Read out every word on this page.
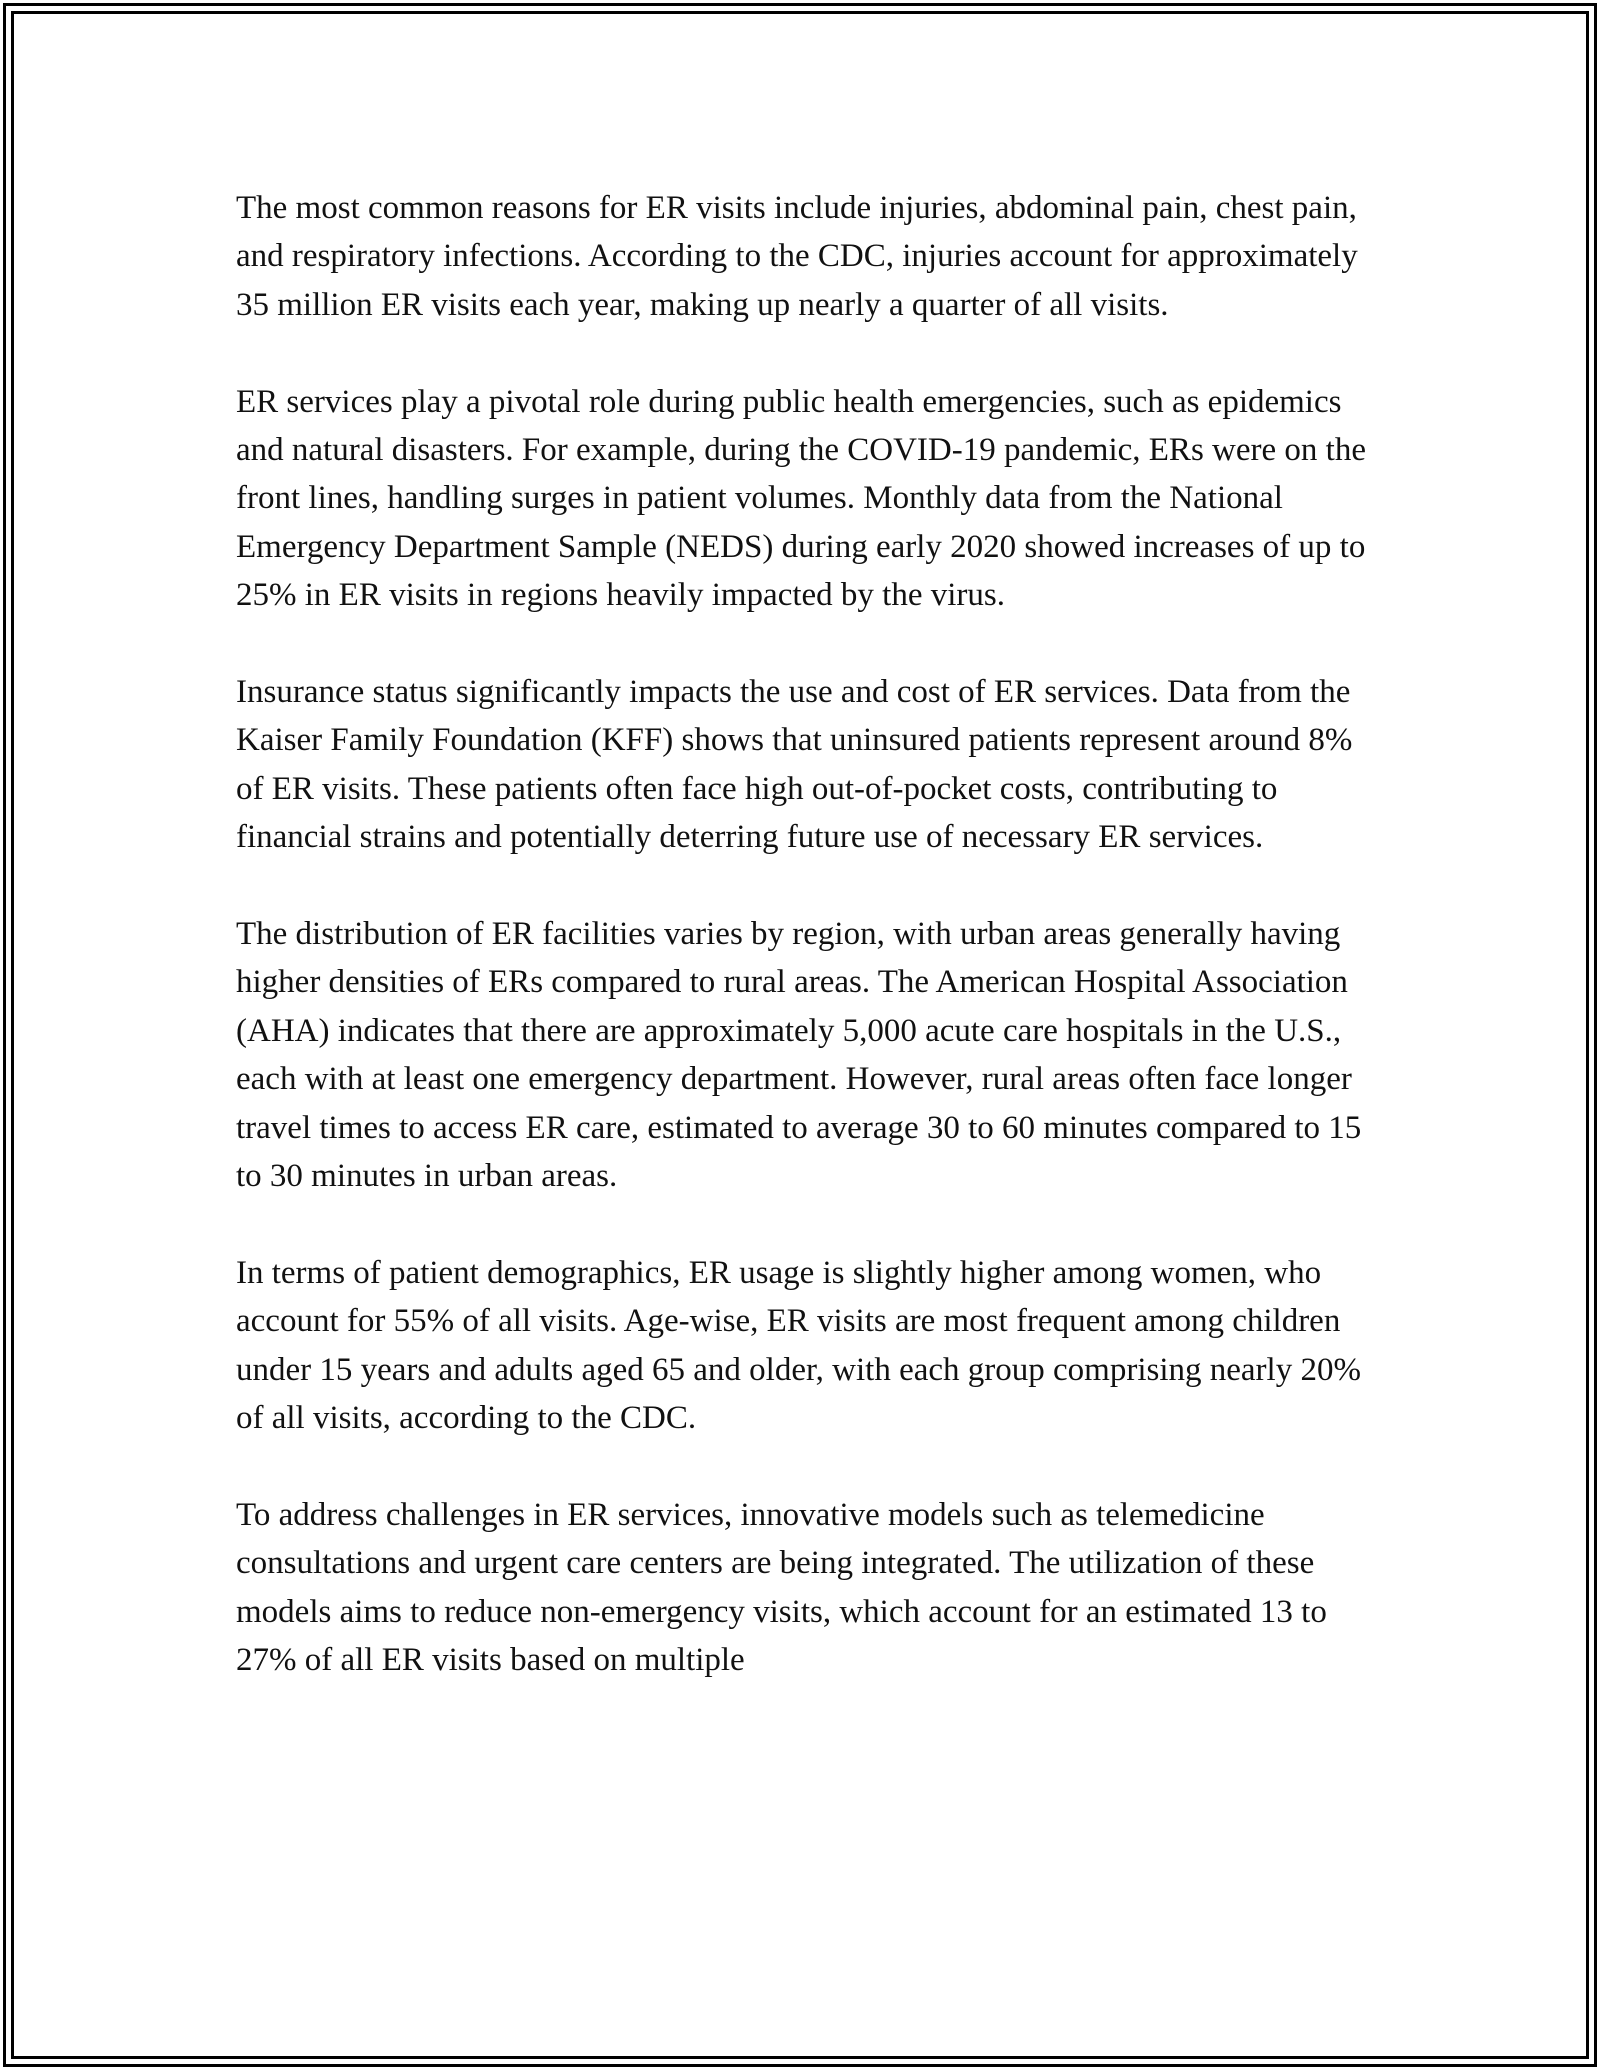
The most common reasons for ER visits include injuries, abdominal pain, chest pain, and respiratory infections. According to the CDC, injuries account for approximately 35 million ER visits each year, making up nearly a quarter of all visits.

ER services play a pivotal role during public health emergencies, such as epidemics and natural disasters. For example, during the COVID-19 pandemic, ERs were on the front lines, handling surges in patient volumes. Monthly data from the National Emergency Department Sample (NEDS) during early 2020 showed increases of up to 25% in ER visits in regions heavily impacted by the virus.

Insurance status significantly impacts the use and cost of ER services. Data from the Kaiser Family Foundation (KFF) shows that uninsured patients represent around 8% of ER visits. These patients often face high out-of-pocket costs, contributing to financial strains and potentially deterring future use of necessary ER services.

The distribution of ER facilities varies by region, with urban areas generally having higher densities of ERs compared to rural areas. The American Hospital Association (AHA) indicates that there are approximately 5,000 acute care hospitals in the U.S., each with at least one emergency department. However, rural areas often face longer travel times to access ER care, estimated to average 30 to 60 minutes compared to 15 to 30 minutes in urban areas.

In terms of patient demographics, ER usage is slightly higher among women, who account for 55% of all visits. Age-wise, ER visits are most frequent among children under 15 years and adults aged 65 and older, with each group comprising nearly 20% of all visits, according to the CDC.

To address challenges in ER services, innovative models such as telemedicine consultations and urgent care centers are being integrated. The utilization of these models aims to reduce non-emergency visits, which account for an estimated 13 to 27% of all ER visits based on multiple
